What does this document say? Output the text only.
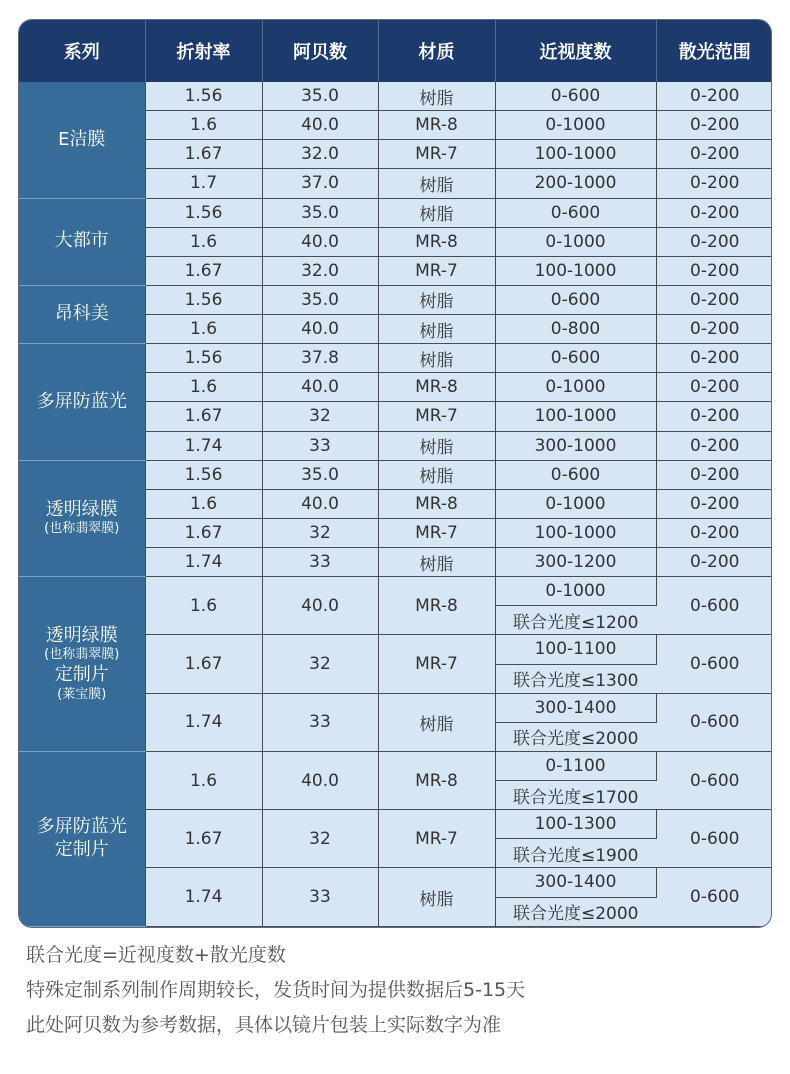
系列	折射率	阿贝数	材质	近视度数	散光范围

E洁膜	1.56	35.0	树脂	0-600	0-200
	1.6	40.0	MR-8	0-1000	0-200
	1.67	32.0	MR-7	100-1000	0-200
	1.7	37.0	树脂	200-1000	0-200

大都市	1.56	35.0	树脂	0-600	0-200
	1.6	40.0	MR-8	0-1000	0-200
	1.67	32.0	MR-7	100-1000	0-200

昂科美	1.56	35.0	树脂	0-600	0-200
	1.6	40.0	树脂	0-800	0-200

多屏防蓝光	1.56	37.8	树脂	0-600	0-200
	1.6	40.0	MR-8	0-1000	0-200
	1.67	32	MR-7	100-1000	0-200
	1.74	33	树脂	300-1000	0-200

透明绿膜
(也称翡翠膜)	1.56	35.0	树脂	0-600	0-200
	1.6	40.0	MR-8	0-1000	0-200
	1.67	32	MR-7	100-1000	0-200
	1.74	33	树脂	300-1200	0-200

透明绿膜
(也称翡翠膜)
定制片
(莱宝膜)	1.6	40.0	MR-8	0-1000	0-600
				联合光度≤1200	
	1.67	32	MR-7	100-1100	0-600
				联合光度≤1300	
	1.74	33	树脂	300-1400	0-600
				联合光度≤2000	

多屏防蓝光
定制片	1.6	40.0	MR-8	0-1100	0-600
				联合光度≤1700	
	1.67	32	MR-7	100-1300	0-600
				联合光度≤1900	
	1.74	33	树脂	300-1400	0-600
				联合光度≤2000	

联合光度=近视度数+散光度数

特殊定制系列制作周期较长，发货时间为提供数据后5-15天

此处阿贝数为参考数据，具体以镜片包装上实际数字为准
